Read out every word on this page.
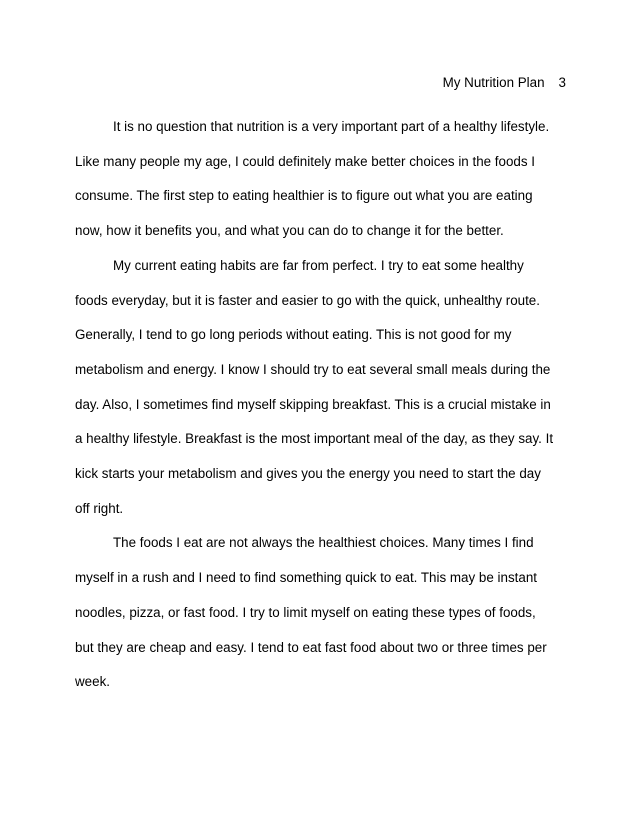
My Nutrition Plan 3
It is no question that nutrition is a very important part of a healthy lifestyle.
Like many people my age, I could definitely make better choices in the foods I
consume. The first step to eating healthier is to figure out what you are eating
now, how it benefits you, and what you can do to change it for the better.
My current eating habits are far from perfect. I try to eat some healthy
foods everyday, but it is faster and easier to go with the quick, unhealthy route.
Generally, I tend to go long periods without eating. This is not good for my
metabolism and energy. I know I should try to eat several small meals during the
day. Also, I sometimes find myself skipping breakfast. This is a crucial mistake in
a healthy lifestyle. Breakfast is the most important meal of the day, as they say. It
kick starts your metabolism and gives you the energy you need to start the day
off right.
The foods I eat are not always the healthiest choices. Many times I find
myself in a rush and I need to find something quick to eat. This may be instant
noodles, pizza, or fast food. I try to limit myself on eating these types of foods,
but they are cheap and easy. I tend to eat fast food about two or three times per
week.
